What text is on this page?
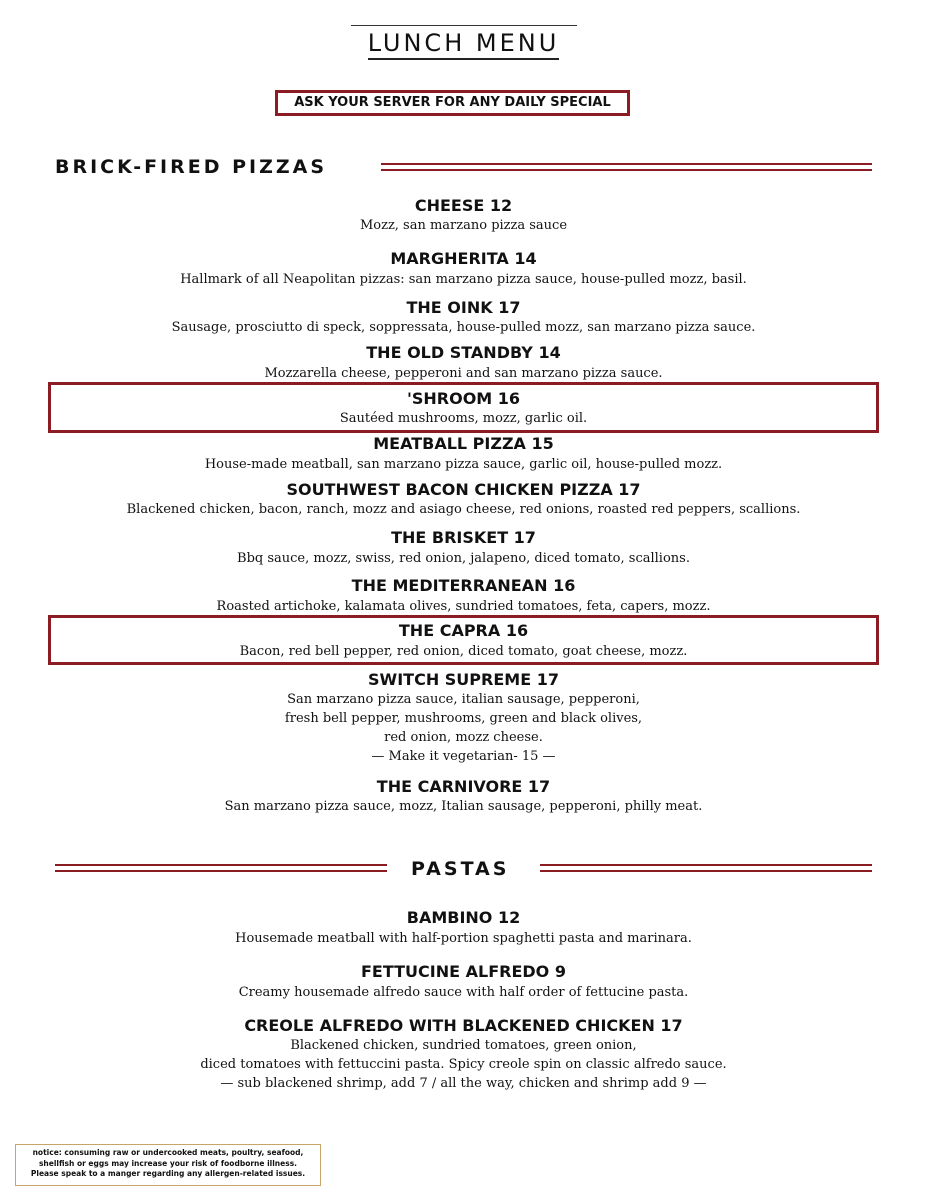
LUNCH MENU
ASK YOUR SERVER FOR ANY DAILY SPECIAL
BRICK-FIRED PIZZAS
CHEESE 12
Mozz, san marzano pizza sauce
MARGHERITA 14
Hallmark of all Neapolitan pizzas: san marzano pizza sauce, house-pulled mozz, basil.
THE OINK 17
Sausage, prosciutto di speck, soppressata, house-pulled mozz, san marzano pizza sauce.
THE OLD STANDBY 14
Mozzarella cheese, pepperoni and san marzano pizza sauce.
'SHROOM 16
Sautéed mushrooms, mozz, garlic oil.
MEATBALL PIZZA 15
House-made meatball, san marzano pizza sauce, garlic oil, house-pulled mozz.
SOUTHWEST BACON CHICKEN PIZZA 17
Blackened chicken, bacon, ranch, mozz and asiago cheese, red onions, roasted red peppers, scallions.
THE BRISKET 17
Bbq sauce, mozz, swiss, red onion, jalapeno, diced tomato, scallions.
THE MEDITERRANEAN 16
Roasted artichoke, kalamata olives, sundried tomatoes, feta, capers, mozz.
THE CAPRA 16
Bacon, red bell pepper, red onion, diced tomato, goat cheese, mozz.
SWITCH SUPREME 17
San marzano pizza sauce, italian sausage, pepperoni,
fresh bell pepper, mushrooms, green and black olives,
red onion, mozz cheese.
— Make it vegetarian- 15 —
THE CARNIVORE 17
San marzano pizza sauce, mozz, Italian sausage, pepperoni, philly meat.
PASTAS
BAMBINO 12
Housemade meatball with half-portion spaghetti pasta and marinara.
FETTUCINE ALFREDO 9
Creamy housemade alfredo sauce with half order of fettucine pasta.
CREOLE ALFREDO WITH BLACKENED CHICKEN 17
Blackened chicken, sundried tomatoes, green onion,
diced tomatoes with fettuccini pasta. Spicy creole spin on classic alfredo sauce.
— sub blackened shrimp, add 7 / all the way, chicken and shrimp add 9 —
notice: consuming raw or undercooked meats, poultry, seafood,
shellfish or eggs may increase your risk of foodborne illness.
Please speak to a manger regarding any allergen-related issues.
